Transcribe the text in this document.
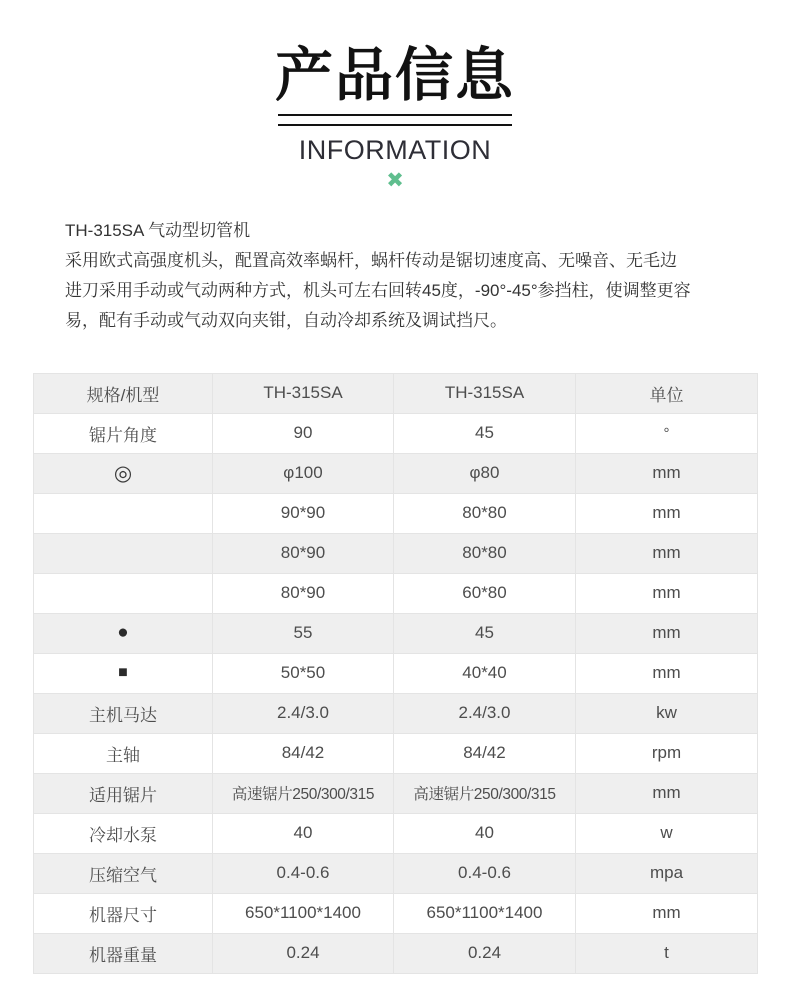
产品信息
INFORMATION
✖
TH-315SA 气动型切管机
采用欧式高强度机头，配置高效率蜗杆，蜗杆传动是锯切速度高、无噪音、无毛边
进刀采用手动或气动两种方式，机头可左右回转45度，-90°-45°参挡柱，使调整更容
易，配有手动或气动双向夹钳，自动冷却系统及调试挡尺。
规格/机型	TH-315SA	TH-315SA	单位
锯片角度	90	45	°
◎	φ100	φ80	mm
	90*90	80*80	mm
	80*90	80*80	mm
	80*90	60*80	mm
●	55	45	mm
■	50*50	40*40	mm
主机马达	2.4/3.0	2.4/3.0	kw
主轴	84/42	84/42	rpm
适用锯片	高速锯片250/300/315	高速锯片250/300/315	mm
冷却水泵	40	40	w
压缩空气	0.4-0.6	0.4-0.6	mpa
机器尺寸	650*1100*1400	650*1100*1400	mm
机器重量	0.24	0.24	t
